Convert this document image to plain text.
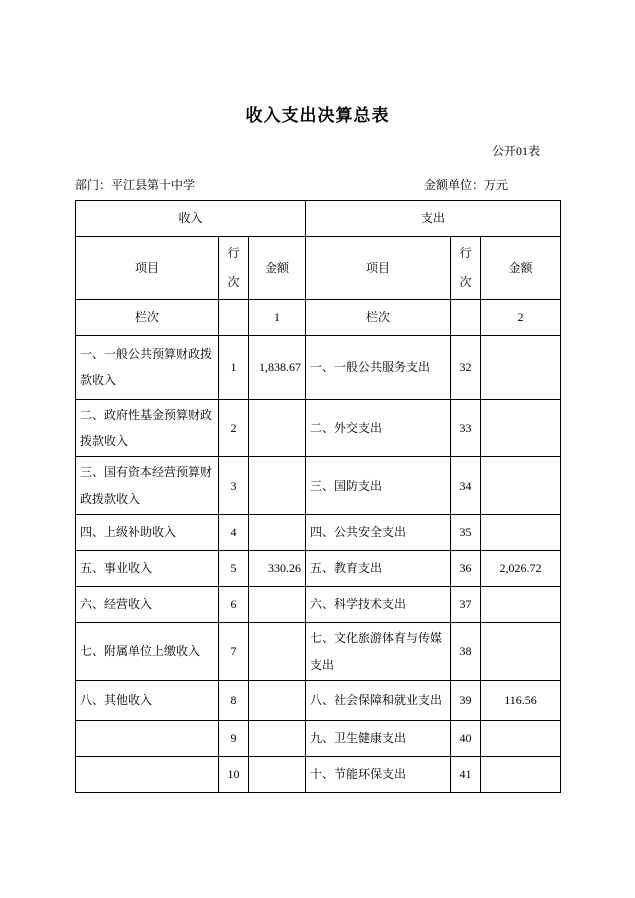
收入支出决算总表
公开01表
部门：平江县第十中学	金额单位：万元
收入			支出		
项目	行次	金额	项目	行次	金额
栏次		1	栏次		2
一、一般公共预算财政拨款收入	1	1,838.67	一、一般公共服务支出	32	
二、政府性基金预算财政拨款收入	2		二、外交支出	33	
三、国有资本经营预算财政拨款收入	3		三、国防支出	34	
四、上级补助收入	4		四、公共安全支出	35	
五、事业收入	5	330.26	五、教育支出	36	2,026.72
六、经营收入	6		六、科学技术支出	37	
七、附属单位上缴收入	7		七、文化旅游体育与传媒支出	38	
八、其他收入	8		八、社会保障和就业支出	39	116.56
	9		九、卫生健康支出	40	
	10		十、节能环保支出	41	
